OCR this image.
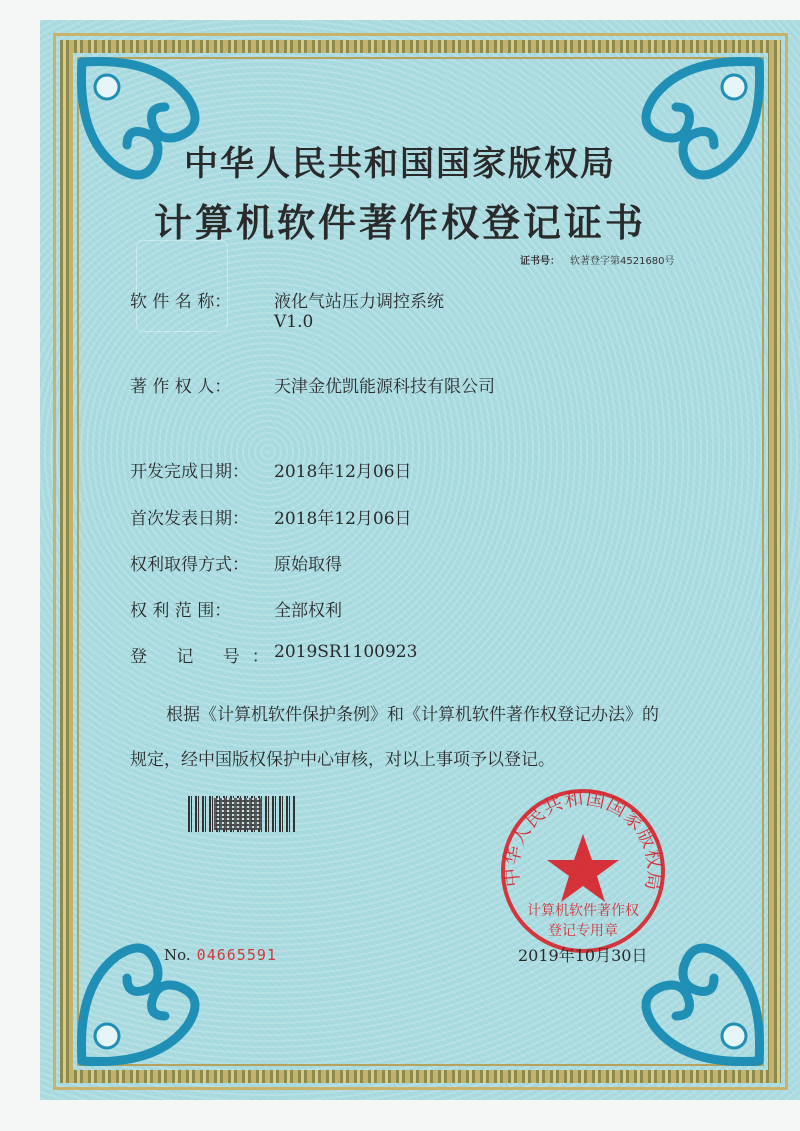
中华人民共和国国家版权局
计算机软件著作权登记证书
证书号： 软著登字第4521680号
软 件 名 称：	液化气站压力调控系统
V1.0
著 作 权 人：	天津金优凯能源科技有限公司
开发完成日期： 2018年12月06日
首次发表日期： 2018年12月06日
权利取得方式： 原始取得
权 利 范 围：	全部权利
登 记 号：
2019SR1100923
根据《计算机软件保护条例》和《计算机软件著作权登记办法》的
规定，经中国版权保护中心审核，对以上事项予以登记。
中华人民共和国国家版权局
计算机软件著作权
登记专用章
No. 04665591	2019年10月30日
